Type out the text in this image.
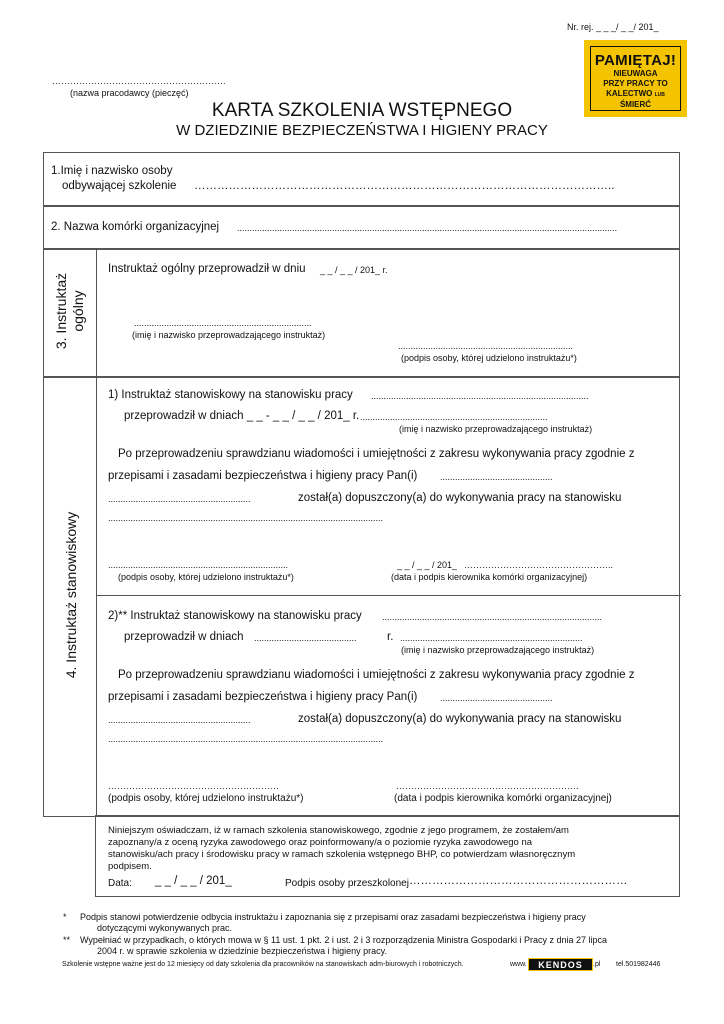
Nr. rej. _ _ _/ _ _/ 201_
………………………………………………….
(nazwa pracodawcy (pieczęć)
PAMIĘTAJ!
NIEUWAGA
PRZY PRACY TO
KALECTWO LUB ŚMIERĆ
KARTA SZKOLENIA WSTĘPNEGO
W DZIEDZINIE BEZPIECZEŃSTWA I HIGIENY PRACY
1.Imię i nazwisko osoby
odbywającej szkolenie ………………………………………………………………………………………………..
2. Nazwa komórki organizacyjnej ........................................................................................................................................................
3. Instruktaż
ogólny
Instruktaż ogólny przeprowadził w dniu _ _ / _ _ / 201_ r.
.......................................................................
(imię i nazwisko przeprowadzającego instruktaż)
......................................................................
(podpis osoby, której udzielono instruktażu*)
4. Instruktaż stanowiskowy
1) Instruktaż stanowiskowy na stanowisku pracy .......................................................................................
przeprowadził w dniach _ _ - _ _ / _ _ / 201_ r. ...........................................................................
(imię i nazwisko przeprowadzającego instruktaż)
Po przeprowadzeniu sprawdzianu wiadomości i umiejętności z zakresu wykonywania pracy zgodnie z
przepisami i zasadami bezpieczeństwa i higieny pracy Pan(i)	.............................................
.........................................................	został(a) dopuszczony(a) do wykonywania pracy na stanowisku
..............................................................................................................
........................................................................
(podpis osoby, której udzielono instruktażu*)
_ _ / _ _ / 201_ …………………………………………..
(data i podpis kierownika komórki organizacyjnej)
2)** Instruktaż stanowiskowy na stanowisku pracy ........................................................................................
przeprowadził w dniach .........................................	r. .........................................................................
(imię i nazwisko przeprowadzającego instruktaż)
Po przeprowadzeniu sprawdzianu wiadomości i umiejętności z zakresu wykonywania pracy zgodnie z
przepisami i zasadami bezpieczeństwa i higieny pracy Pan(i)	.............................................
.........................................................	został(a) dopuszczony(a) do wykonywania pracy na stanowisku
..............................................................................................................
…………………………………………………
(podpis osoby, której udzielono instruktażu*)
…………………………………………………….
(data i podpis kierownika komórki organizacyjnej)
Niniejszym oświadczam, iż w ramach szkolenia stanowiskowego, zgodnie z jego programem, że zostałem/am
zapoznany/a z oceną ryzyka zawodowego oraz poinformowany/a o poziomie ryzyka zawodowego na
stanowisku/ach pracy i środowisku pracy w ramach szkolenia wstępnego BHP, co potwierdzam własnoręcznym
podpisem.
Data: _ _ / _ _ / 201_	Podpis osoby przeszkolonej …………………………………………………
* Podpis stanowi potwierdzenie odbycia instruktażu i zapoznania się z przepisami oraz zasadami bezpieczeństwa i higieny pracy
dotyczącymi wykonywanych prac.
** Wypełniać w przypadkach, o których mowa w § 11 ust. 1 pkt. 2 i ust. 2 i 3 rozporządzenia Ministra Gospodarki i Pracy z dnia 27 lipca
2004 r. w sprawie szkolenia w dziedzinie bezpieczeństwa i higieny pracy.
Szkolenie wstępne ważne jest do 12 miesięcy od daty szkolenia dla pracowników na stanowiskach adm-biurowych i robotniczych.	www.	KENDOS	.pl tel.501982446
